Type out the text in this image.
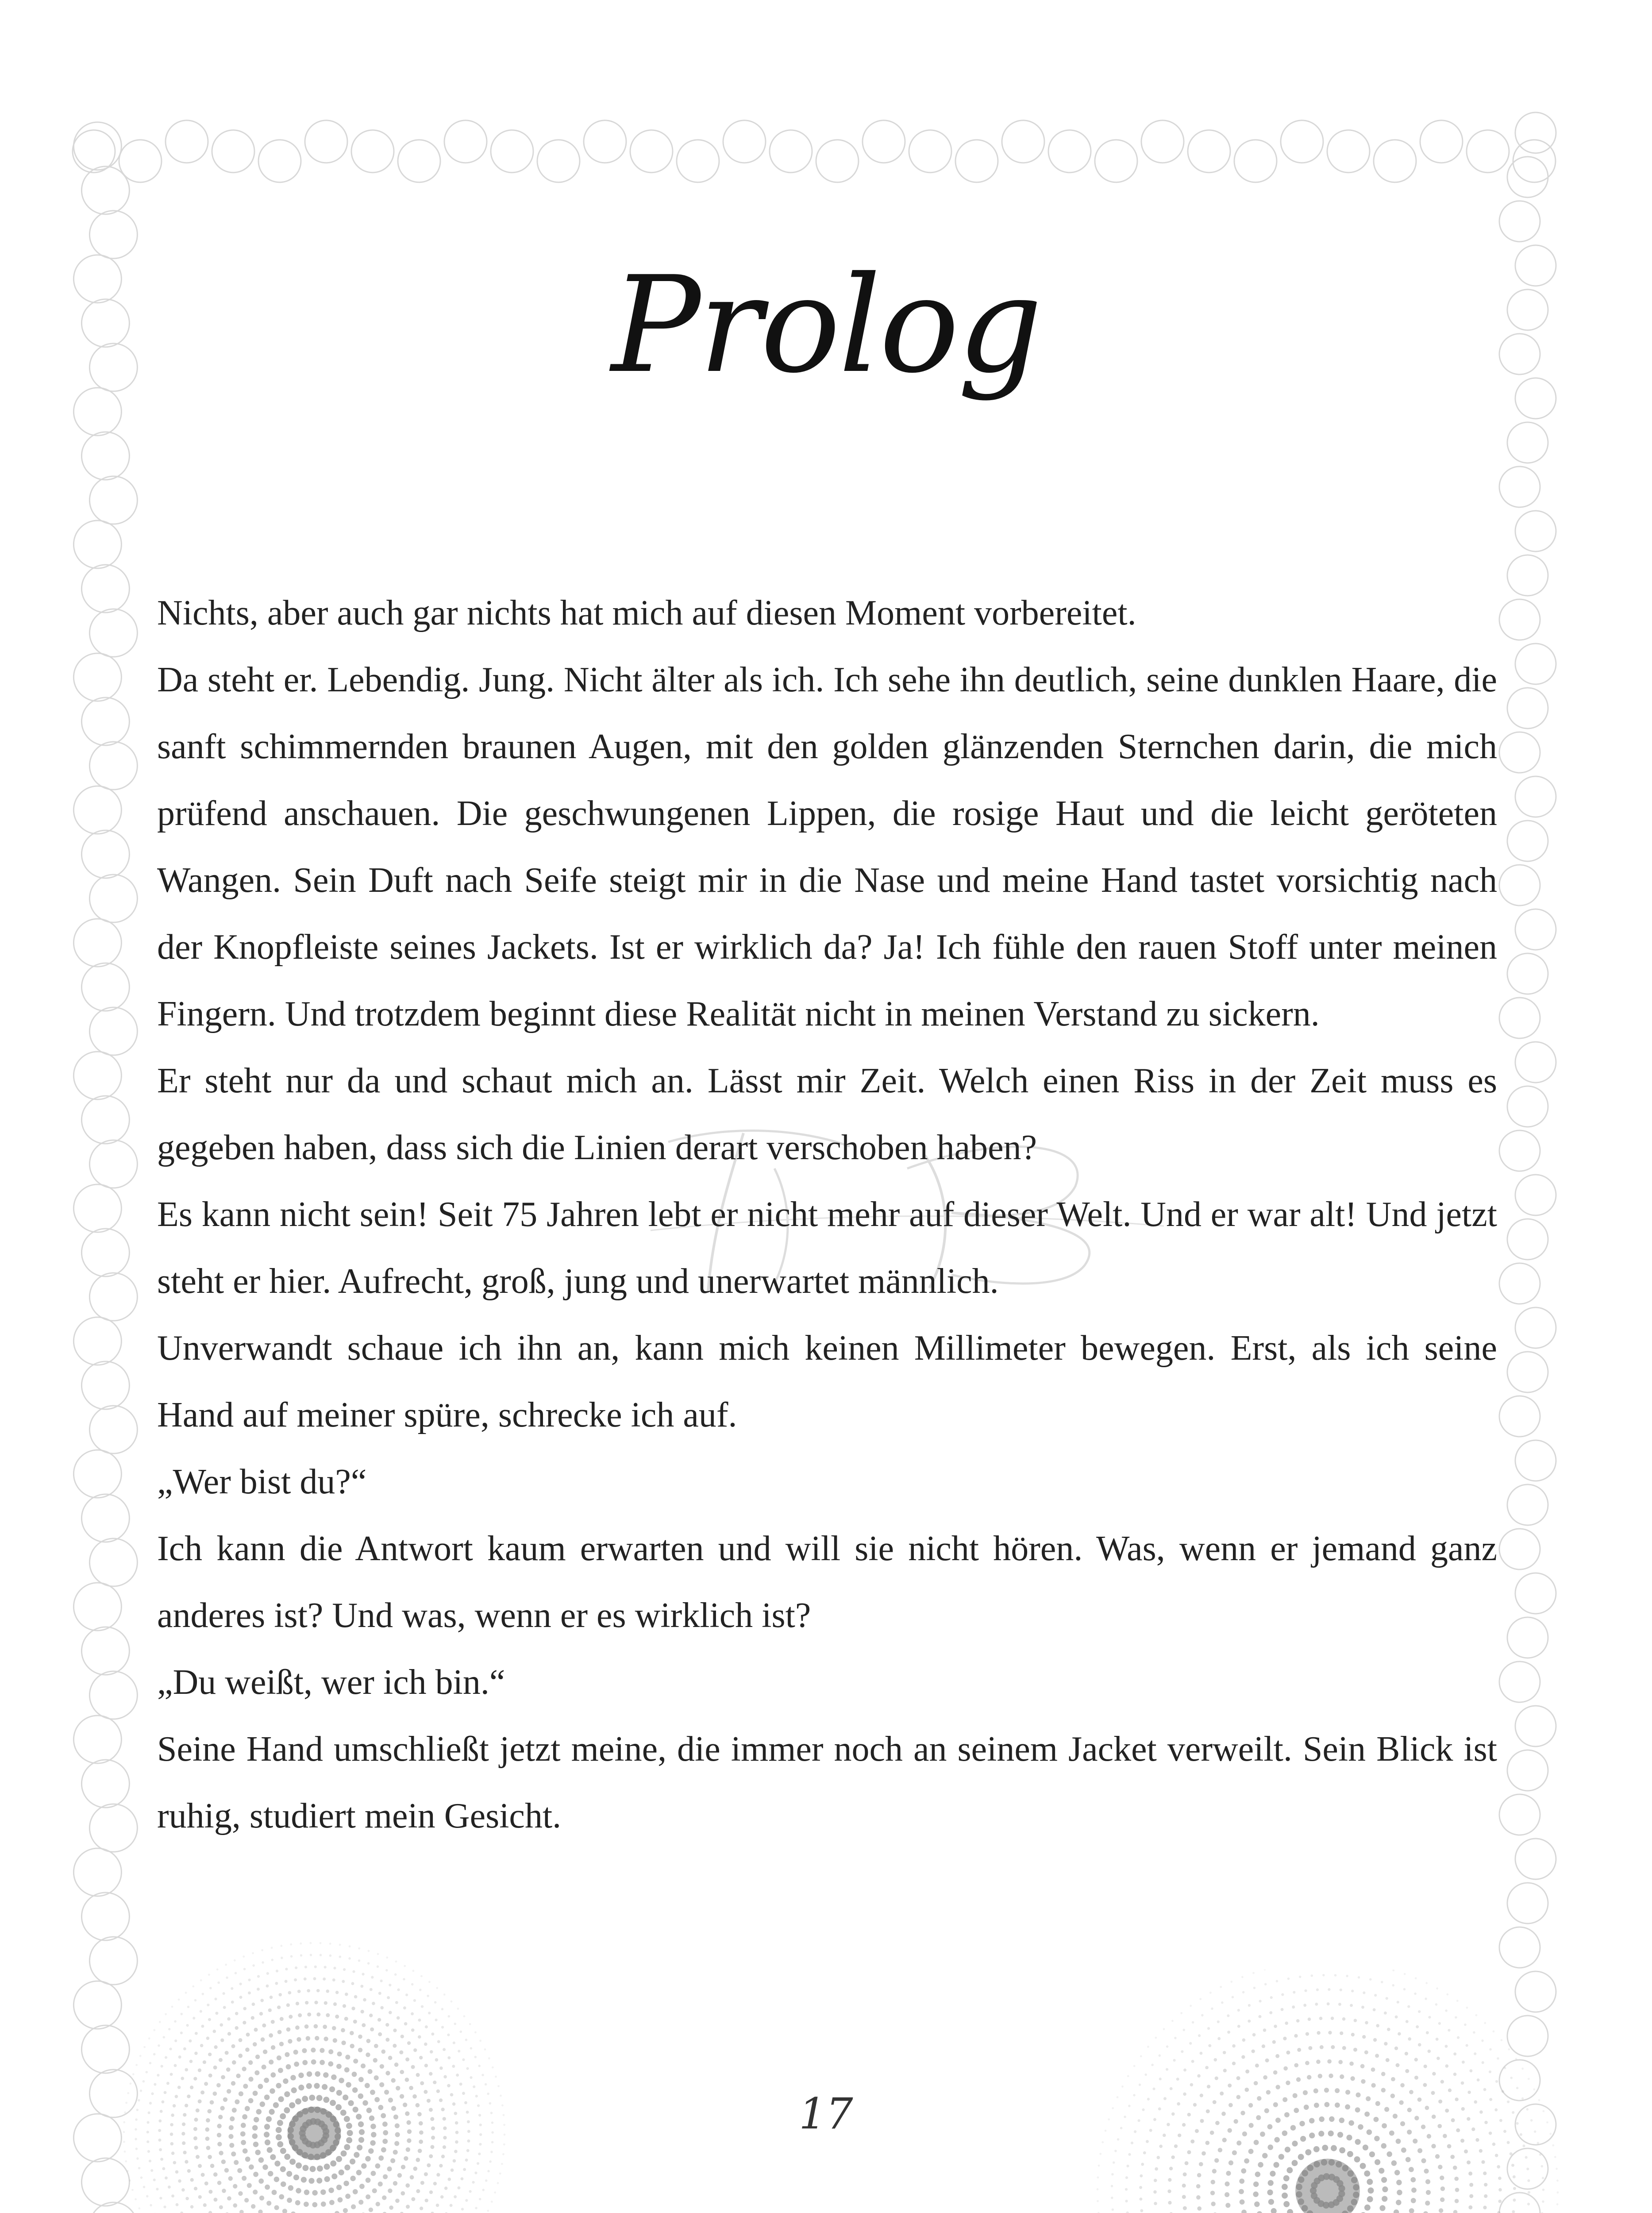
Prolog

Nichts, aber auch gar nichts hat mich auf diesen Moment vorbereitet.

Da steht er. Lebendig. Jung. Nicht älter als ich. Ich sehe ihn deutlich, seine dunklen Haare, die sanft schimmernden braunen Augen, mit den golden glänzenden Sternchen darin, die mich prüfend anschauen. Die geschwungenen Lippen, die rosige Haut und die leicht geröteten Wangen. Sein Duft nach Seife steigt mir in die Nase und meine Hand tastet vorsichtig nach der Knopfleiste seines Jackets. Ist er wirklich da? Ja! Ich fühle den rauen Stoff unter meinen Fingern. Und trotzdem beginnt diese Realität nicht in meinen Verstand zu sickern.

Er steht nur da und schaut mich an. Lässt mir Zeit. Welch einen Riss in der Zeit muss es gegeben haben, dass sich die Linien derart verschoben haben?

Es kann nicht sein! Seit 75 Jahren lebt er nicht mehr auf dieser Welt. Und er war alt! Und jetzt steht er hier. Aufrecht, groß, jung und unerwartet männlich.

Unverwandt schaue ich ihn an, kann mich keinen Millimeter bewegen. Erst, als ich seine Hand auf meiner spüre, schrecke ich auf.

„Wer bist du?“

Ich kann die Antwort kaum erwarten und will sie nicht hören. Was, wenn er jemand ganz anderes ist? Und was, wenn er es wirklich ist?

„Du weißt, wer ich bin.“

Seine Hand umschließt jetzt meine, die immer noch an seinem Jacket verweilt. Sein Blick ist ruhig, studiert mein Gesicht.

17
